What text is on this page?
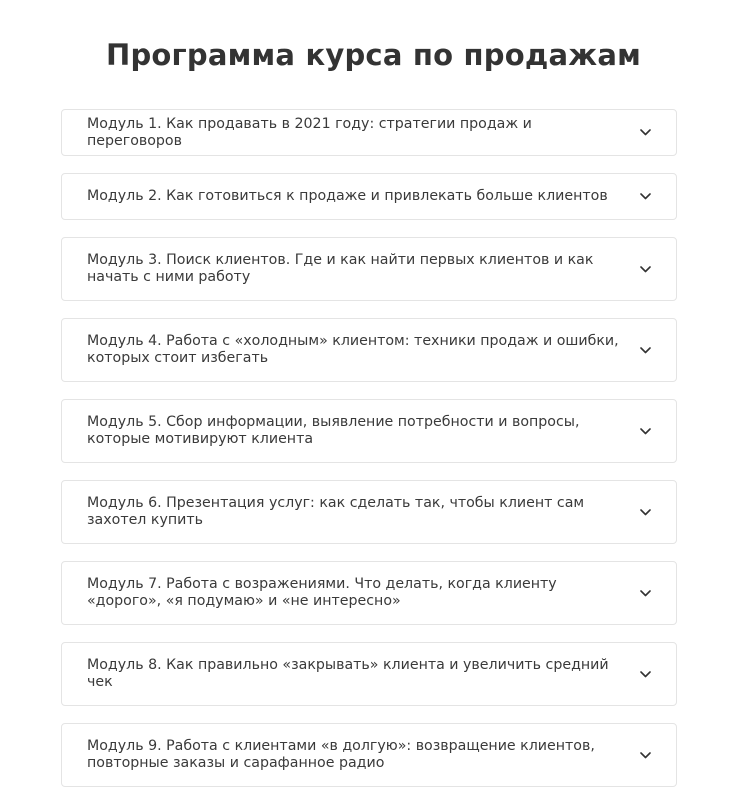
Программа курса по продажам
Модуль 1. Как продавать в 2021 году: стратегии продаж и переговоров
Модуль 2. Как готовиться к продаже и привлекать больше клиентов
Модуль 3. Поиск клиентов. Где и как найти первых клиентов и как начать с ними работу
Модуль 4. Работа с «холодным» клиентом: техники продаж и ошибки, которых стоит избегать
Модуль 5. Сбор информации, выявление потребности и вопросы, которые мотивируют клиента
Модуль 6. Презентация услуг: как сделать так, чтобы клиент сам захотел купить
Модуль 7. Работа с возражениями. Что делать, когда клиенту «дорого», «я подумаю» и «не интересно»
Модуль 8. Как правильно «закрывать» клиента и увеличить средний чек
Модуль 9. Работа с клиентами «в долгую»: возвращение клиентов, повторные заказы и сарафанное радио
